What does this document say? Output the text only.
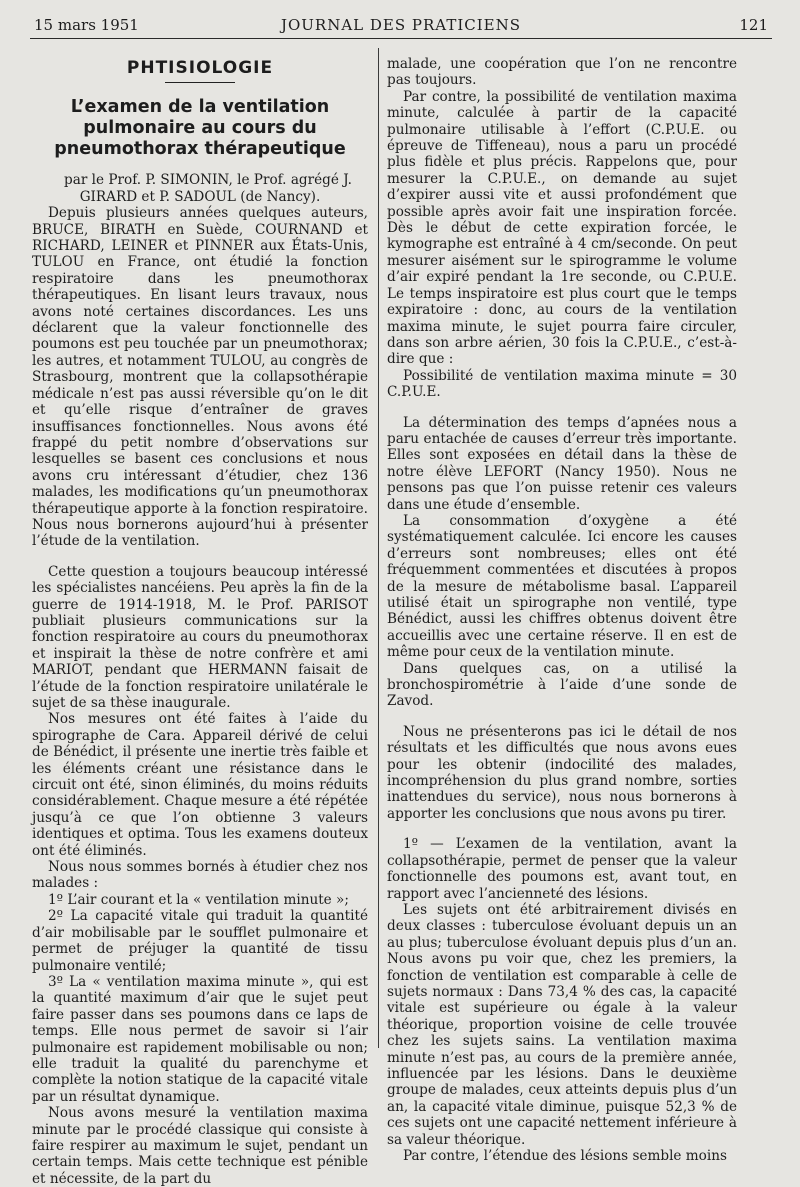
15 mars 1951	JOURNAL DES PRATICIENS	121
PHTISIOLOGIE
L’examen de la ventilation pulmonaire au cours du pneumothorax thérapeutique

par le Prof. P. SIMONIN, le Prof. agrégé J. GIRARD et P. SADOUL (de Nancy).

Depuis plusieurs années quelques auteurs, BRUCE, BIRATH en Suède, COURNAND et RICHARD, LEINER et PINNER aux États-Unis, TULOU en France, ont étudié la fonction respiratoire dans les pneumothorax thérapeutiques. En lisant leurs travaux, nous avons noté certaines discordances. Les uns déclarent que la valeur fonctionnelle des poumons est peu touchée par un pneumothorax; les autres, et notamment TULOU, au congrès de Strasbourg, montrent que la collapsothérapie médicale n’est pas aussi réversible qu’on le dit et qu’elle risque d’entraîner de graves insuffisances fonctionnelles. Nous avons été frappé du petit nombre d’observations sur lesquelles se basent ces conclusions et nous avons cru intéressant d’étudier, chez 136 malades, les modifications qu’un pneumothorax thérapeutique apporte à la fonction respiratoire. Nous nous bornerons aujourd’hui à présenter l’étude de la ventilation.

Cette question a toujours beaucoup intéressé les spécialistes nancéiens. Peu après la fin de la guerre de 1914-1918, M. le Prof. PARISOT publiait plusieurs communications sur la fonction respiratoire au cours du pneumothorax et inspirait la thèse de notre confrère et ami MARIOT, pendant que HERMANN faisait de l’étude de la fonction respiratoire unilatérale le sujet de sa thèse inaugurale.

Nos mesures ont été faites à l’aide du spirographe de Cara. Appareil dérivé de celui de Bénédict, il présente une inertie très faible et les éléments créant une résistance dans le circuit ont été, sinon éliminés, du moins réduits considérablement. Chaque mesure a été répétée jusqu’à ce que l’on obtienne 3 valeurs identiques et optima. Tous les examens douteux ont été éliminés.

Nous nous sommes bornés à étudier chez nos malades :

1º L’air courant et la « ventilation minute »;

2º La capacité vitale qui traduit la quantité d’air mobilisable par le soufflet pulmonaire et permet de préjuger la quantité de tissu pulmonaire ventilé;

3º La « ventilation maxima minute », qui est la quantité maximum d’air que le sujet peut faire passer dans ses poumons dans ce laps de temps. Elle nous permet de savoir si l’air pulmonaire est rapidement mobilisable ou non; elle traduit la qualité du parenchyme et complète la notion statique de la capacité vitale par un résultat dynamique.

Nous avons mesuré la ventilation maxima minute par le procédé classique qui consiste à faire respirer au maximum le sujet, pendant un certain temps. Mais cette technique est pénible et nécessite, de la part du

malade, une coopération que l’on ne rencontre pas toujours.

Par contre, la possibilité de ventilation maxima minute, calculée à partir de la capacité pulmonaire utilisable à l’effort (C.P.U.E. ou épreuve de Tiffeneau), nous a paru un procédé plus fidèle et plus précis. Rappelons que, pour mesurer la C.P.U.E., on demande au sujet d’expirer aussi vite et aussi profondément que possible après avoir fait une inspiration forcée. Dès le début de cette expiration forcée, le kymographe est entraîné à 4 cm/seconde. On peut mesurer aisément sur le spirogramme le volume d’air expiré pendant la 1re seconde, ou C.P.U.E. Le temps inspiratoire est plus court que le temps expiratoire : donc, au cours de la ventilation maxima minute, le sujet pourra faire circuler, dans son arbre aérien, 30 fois la C.P.U.E., c’est-à-dire que :

Possibilité de ventilation maxima minute = 30 C.P.U.E.

La détermination des temps d’apnées nous a paru entachée de causes d’erreur très importante. Elles sont exposées en détail dans la thèse de notre élève LEFORT (Nancy 1950). Nous ne pensons pas que l’on puisse retenir ces valeurs dans une étude d’ensemble.

La consommation d’oxygène a été systématiquement calculée. Ici encore les causes d’erreurs sont nombreuses; elles ont été fréquemment commentées et discutées à propos de la mesure de métabolisme basal. L’appareil utilisé était un spirographe non ventilé, type Bénédict, aussi les chiffres obtenus doivent être accueillis avec une certaine réserve. Il en est de même pour ceux de la ventilation minute.

Dans quelques cas, on a utilisé la bronchospirométrie à l’aide d’une sonde de Zavod.

Nous ne présenterons pas ici le détail de nos résultats et les difficultés que nous avons eues pour les obtenir (indocilité des malades, incompréhension du plus grand nombre, sorties inattendues du service), nous nous bornerons à apporter les conclusions que nous avons pu tirer.

1º — L’examen de la ventilation, avant la collapsothérapie, permet de penser que la valeur fonctionnelle des poumons est, avant tout, en rapport avec l’ancienneté des lésions.

Les sujets ont été arbitrairement divisés en deux classes : tuberculose évoluant depuis un an au plus; tuberculose évoluant depuis plus d’un an. Nous avons pu voir que, chez les premiers, la fonction de ventilation est comparable à celle de sujets normaux : Dans 73,4 % des cas, la capacité vitale est supérieure ou égale à la valeur théorique, proportion voisine de celle trouvée chez les sujets sains. La ventilation maxima minute n’est pas, au cours de la première année, influencée par les lésions. Dans le deuxième groupe de malades, ceux atteints depuis plus d’un an, la capacité vitale diminue, puisque 52,3 % de ces sujets ont une capacité nettement inférieure à sa valeur théorique.

Par contre, l’étendue des lésions semble moins
